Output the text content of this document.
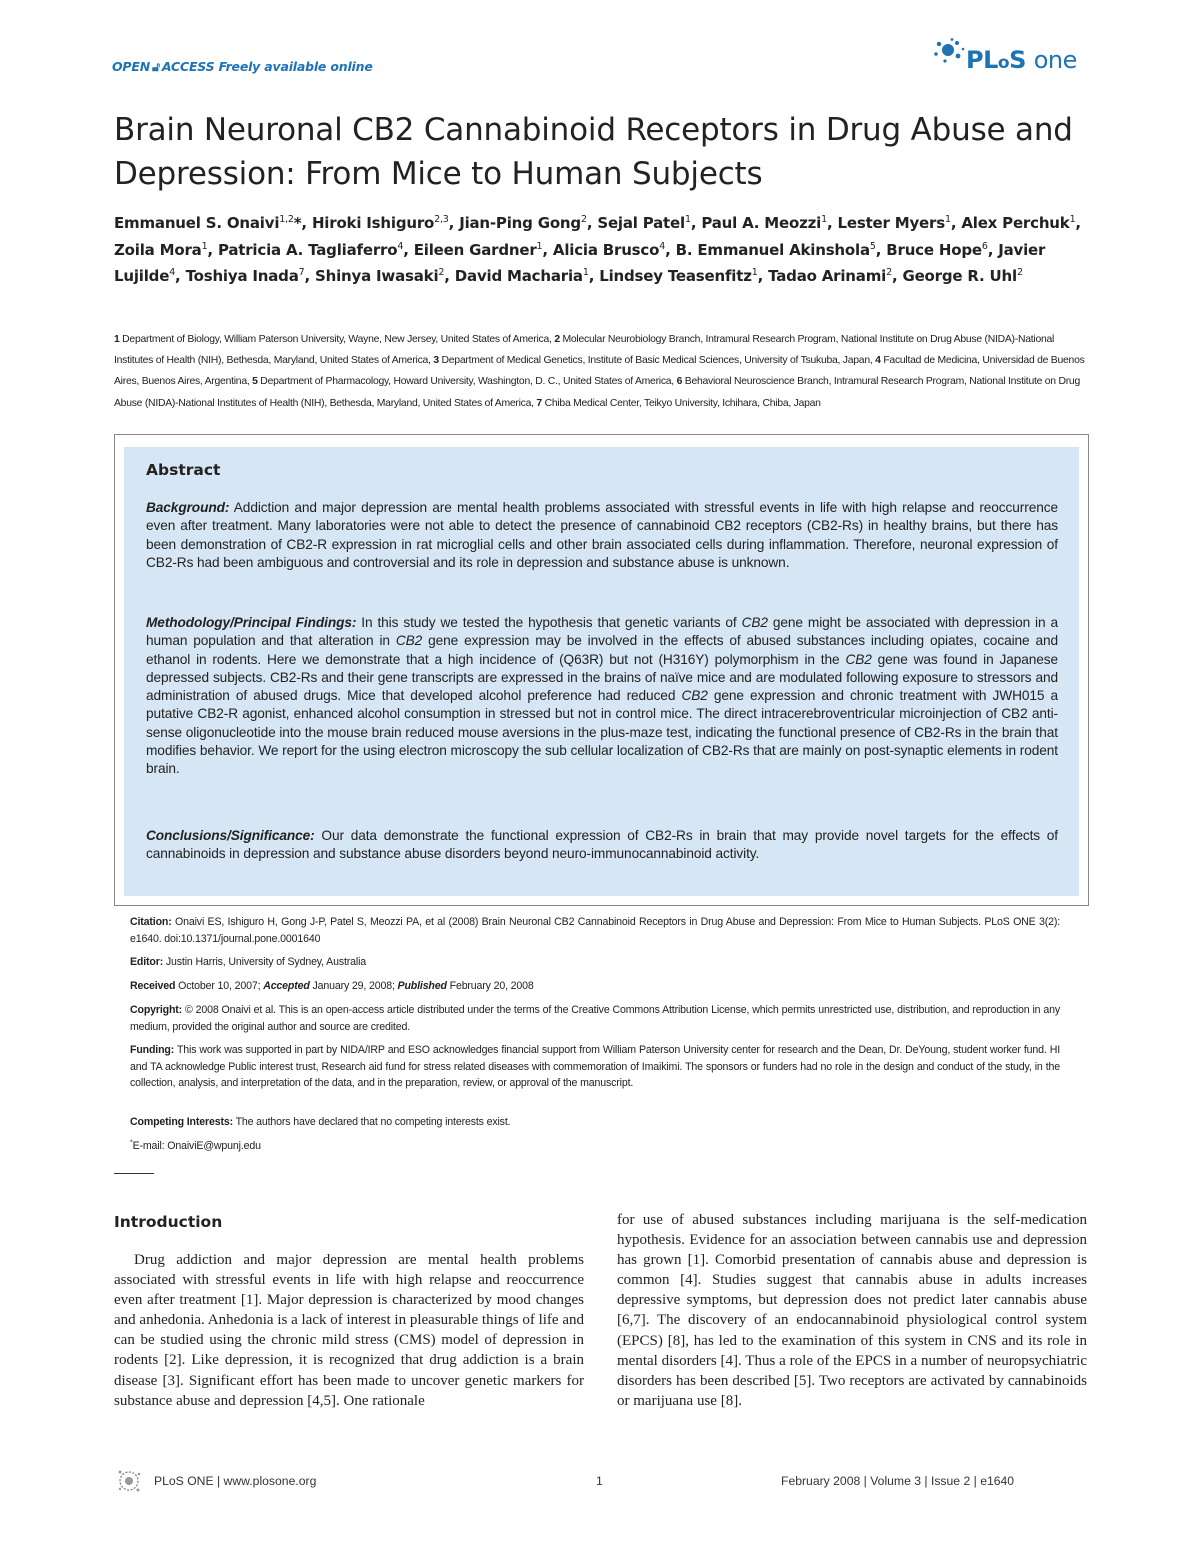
OPEN 🔓︎ ACCESS Freely available online	PLoS one
Brain Neuronal CB2 Cannabinoid Receptors in Drug Abuse and Depression: From Mice to Human Subjects

Emmanuel S. Onaivi$^{1,2}$*, Hiroki Ishiguro$^{2,3}$, Jian-Ping Gong$^2$, Sejal Patel$^1$, Paul A. Meozzi$^1$, Lester Myers$^1$, Alex Perchuk$^1$, Zoila Mora$^1$, Patricia A. Tagliaferro$^4$, Eileen Gardner$^1$, Alicia Brusco$^4$, B. Emmanuel Akinshola$^5$, Bruce Hope$^6$, Javier Lujilde$^4$, Toshiya Inada$^7$, Shinya Iwasaki$^2$, David Macharia$^1$, Lindsey Teasenfitz$^1$, Tadao Arinami$^2$, George R. Uhl$^2$

1 Department of Biology, William Paterson University, Wayne, New Jersey, United States of America, 2 Molecular Neurobiology Branch, Intramural Research Program, National Institute on Drug Abuse (NIDA)-National Institutes of Health (NIH), Bethesda, Maryland, United States of America, 3 Department of Medical Genetics, Institute of Basic Medical Sciences, University of Tsukuba, Japan, 4 Facultad de Medicina, Universidad de Buenos Aires, Buenos Aires, Argentina, 5 Department of Pharmacology, Howard University, Washington, D. C., United States of America, 6 Behavioral Neuroscience Branch, Intramural Research Program, National Institute on Drug Abuse (NIDA)-National Institutes of Health (NIH), Bethesda, Maryland, United States of America, 7 Chiba Medical Center, Teikyo University, Ichihara, Chiba, Japan

Abstract

Background: Addiction and major depression are mental health problems associated with stressful events in life with high relapse and reoccurrence even after treatment. Many laboratories were not able to detect the presence of cannabinoid CB2 receptors (CB2-Rs) in healthy brains, but there has been demonstration of CB2-R expression in rat microglial cells and other brain associated cells during inflammation. Therefore, neuronal expression of CB2-Rs had been ambiguous and controversial and its role in depression and substance abuse is unknown.

Methodology/Principal Findings: In this study we tested the hypothesis that genetic variants of CB2 gene might be associated with depression in a human population and that alteration in CB2 gene expression may be involved in the effects of abused substances including opiates, cocaine and ethanol in rodents. Here we demonstrate that a high incidence of (Q63R) but not (H316Y) polymorphism in the CB2 gene was found in Japanese depressed subjects. CB2-Rs and their gene transcripts are expressed in the brains of naïve mice and are modulated following exposure to stressors and administration of abused drugs. Mice that developed alcohol preference had reduced CB2 gene expression and chronic treatment with JWH015 a putative CB2-R agonist, enhanced alcohol consumption in stressed but not in control mice. The direct intracerebroventricular microinjection of CB2 anti-sense oligonucleotide into the mouse brain reduced mouse aversions in the plus-maze test, indicating the functional presence of CB2-Rs in the brain that modifies behavior. We report for the using electron microscopy the sub cellular localization of CB2-Rs that are mainly on post-synaptic elements in rodent brain.

Conclusions/Significance: Our data demonstrate the functional expression of CB2-Rs in brain that may provide novel targets for the effects of cannabinoids in depression and substance abuse disorders beyond neuro-immunocannabinoid activity.

Citation: Onaivi ES, Ishiguro H, Gong J-P, Patel S, Meozzi PA, et al (2008) Brain Neuronal CB2 Cannabinoid Receptors in Drug Abuse and Depression: From Mice to Human Subjects. PLoS ONE 3(2): e1640. doi:10.1371/journal.pone.0001640

Editor: Justin Harris, University of Sydney, Australia

Received October 10, 2007; Accepted January 29, 2008; Published February 20, 2008

Copyright: © 2008 Onaivi et al. This is an open-access article distributed under the terms of the Creative Commons Attribution License, which permits unrestricted use, distribution, and reproduction in any medium, provided the original author and source are credited.

Funding: This work was supported in part by NIDA/IRP and ESO acknowledges financial support from William Paterson University center for research and the Dean, Dr. DeYoung, student worker fund. HI and TA acknowledge Public interest trust, Research aid fund for stress related diseases with commemoration of Imaikimi. The sponsors or funders had no role in the design and conduct of the study, in the collection, analysis, and interpretation of the data, and in the preparation, review, or approval of the manuscript.

Competing Interests: The authors have declared that no competing interests exist.

*E-mail: OnaiviE@wpunj.edu

Introduction

Drug addiction and major depression are mental health problems associated with stressful events in life with high relapse and reoccurrence even after treatment [1]. Major depression is characterized by mood changes and anhedonia. Anhedonia is a lack of interest in pleasurable things of life and can be studied using the chronic mild stress (CMS) model of depression in rodents [2]. Like depression, it is recognized that drug addiction is a brain disease [3]. Significant effort has been made to uncover genetic markers for substance abuse and depression [4,5]. One rationale

for use of abused substances including marijuana is the self-medication hypothesis. Evidence for an association between cannabis use and depression has grown [1]. Comorbid presentation of cannabis abuse and depression is common [4]. Studies suggest that cannabis abuse in adults increases depressive symptoms, but depression does not predict later cannabis abuse [6,7]. The discovery of an endocannabinoid physiological control system (EPCS) [8], has led to the examination of this system in CNS and its role in mental disorders [4]. Thus a role of the EPCS in a number of neuropsychiatric disorders has been described [5]. Two receptors are activated by cannabinoids or marijuana use [8].

PLoS ONE | www.plosone.org	1	February 2008 | Volume 3 | Issue 2 | e1640
